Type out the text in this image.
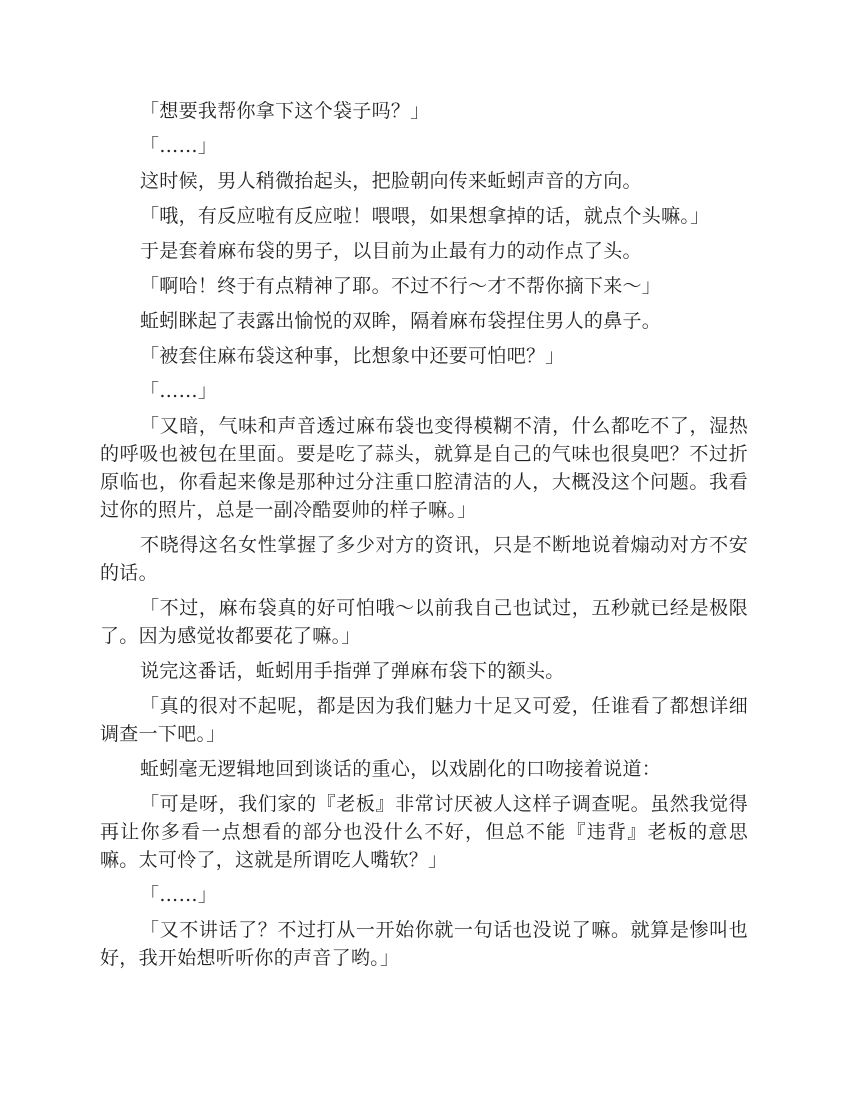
「想要我帮你拿下这个袋子吗？」

「……」

这时候，男人稍微抬起头，把脸朝向传来蚯蚓声音的方向。

「哦，有反应啦有反应啦！喂喂，如果想拿掉的话，就点个头嘛。」

于是套着麻布袋的男子，以目前为止最有力的动作点了头。

「啊哈！终于有点精神了耶。不过不行～才不帮你摘下来～」

蚯蚓眯起了表露出愉悦的双眸，隔着麻布袋捏住男人的鼻子。

「被套住麻布袋这种事，比想象中还要可怕吧？」

「……」

「又暗，气味和声音透过麻布袋也变得模糊不清，什么都吃不了，湿热的呼吸也被包在里面。要是吃了蒜头，就算是自己的气味也很臭吧？不过折原临也，你看起来像是那种过分注重口腔清洁的人，大概没这个问题。我看过你的照片，总是一副冷酷耍帅的样子嘛。」

不晓得这名女性掌握了多少对方的资讯，只是不断地说着煽动对方不安的话。

「不过，麻布袋真的好可怕哦～以前我自己也试过，五秒就已经是极限了。因为感觉妆都要花了嘛。」

说完这番话，蚯蚓用手指弹了弹麻布袋下的额头。

「真的很对不起呢，都是因为我们魅力十足又可爱，任谁看了都想详细调查一下吧。」

蚯蚓毫无逻辑地回到谈话的重心，以戏剧化的口吻接着说道：

「可是呀，我们家的『老板』非常讨厌被人这样子调查呢。虽然我觉得再让你多看一点想看的部分也没什么不好，但总不能『违背』老板的意思嘛。太可怜了，这就是所谓吃人嘴软？」

「……」

「又不讲话了？不过打从一开始你就一句话也没说了嘛。就算是惨叫也好，我开始想听听你的声音了哟。」
